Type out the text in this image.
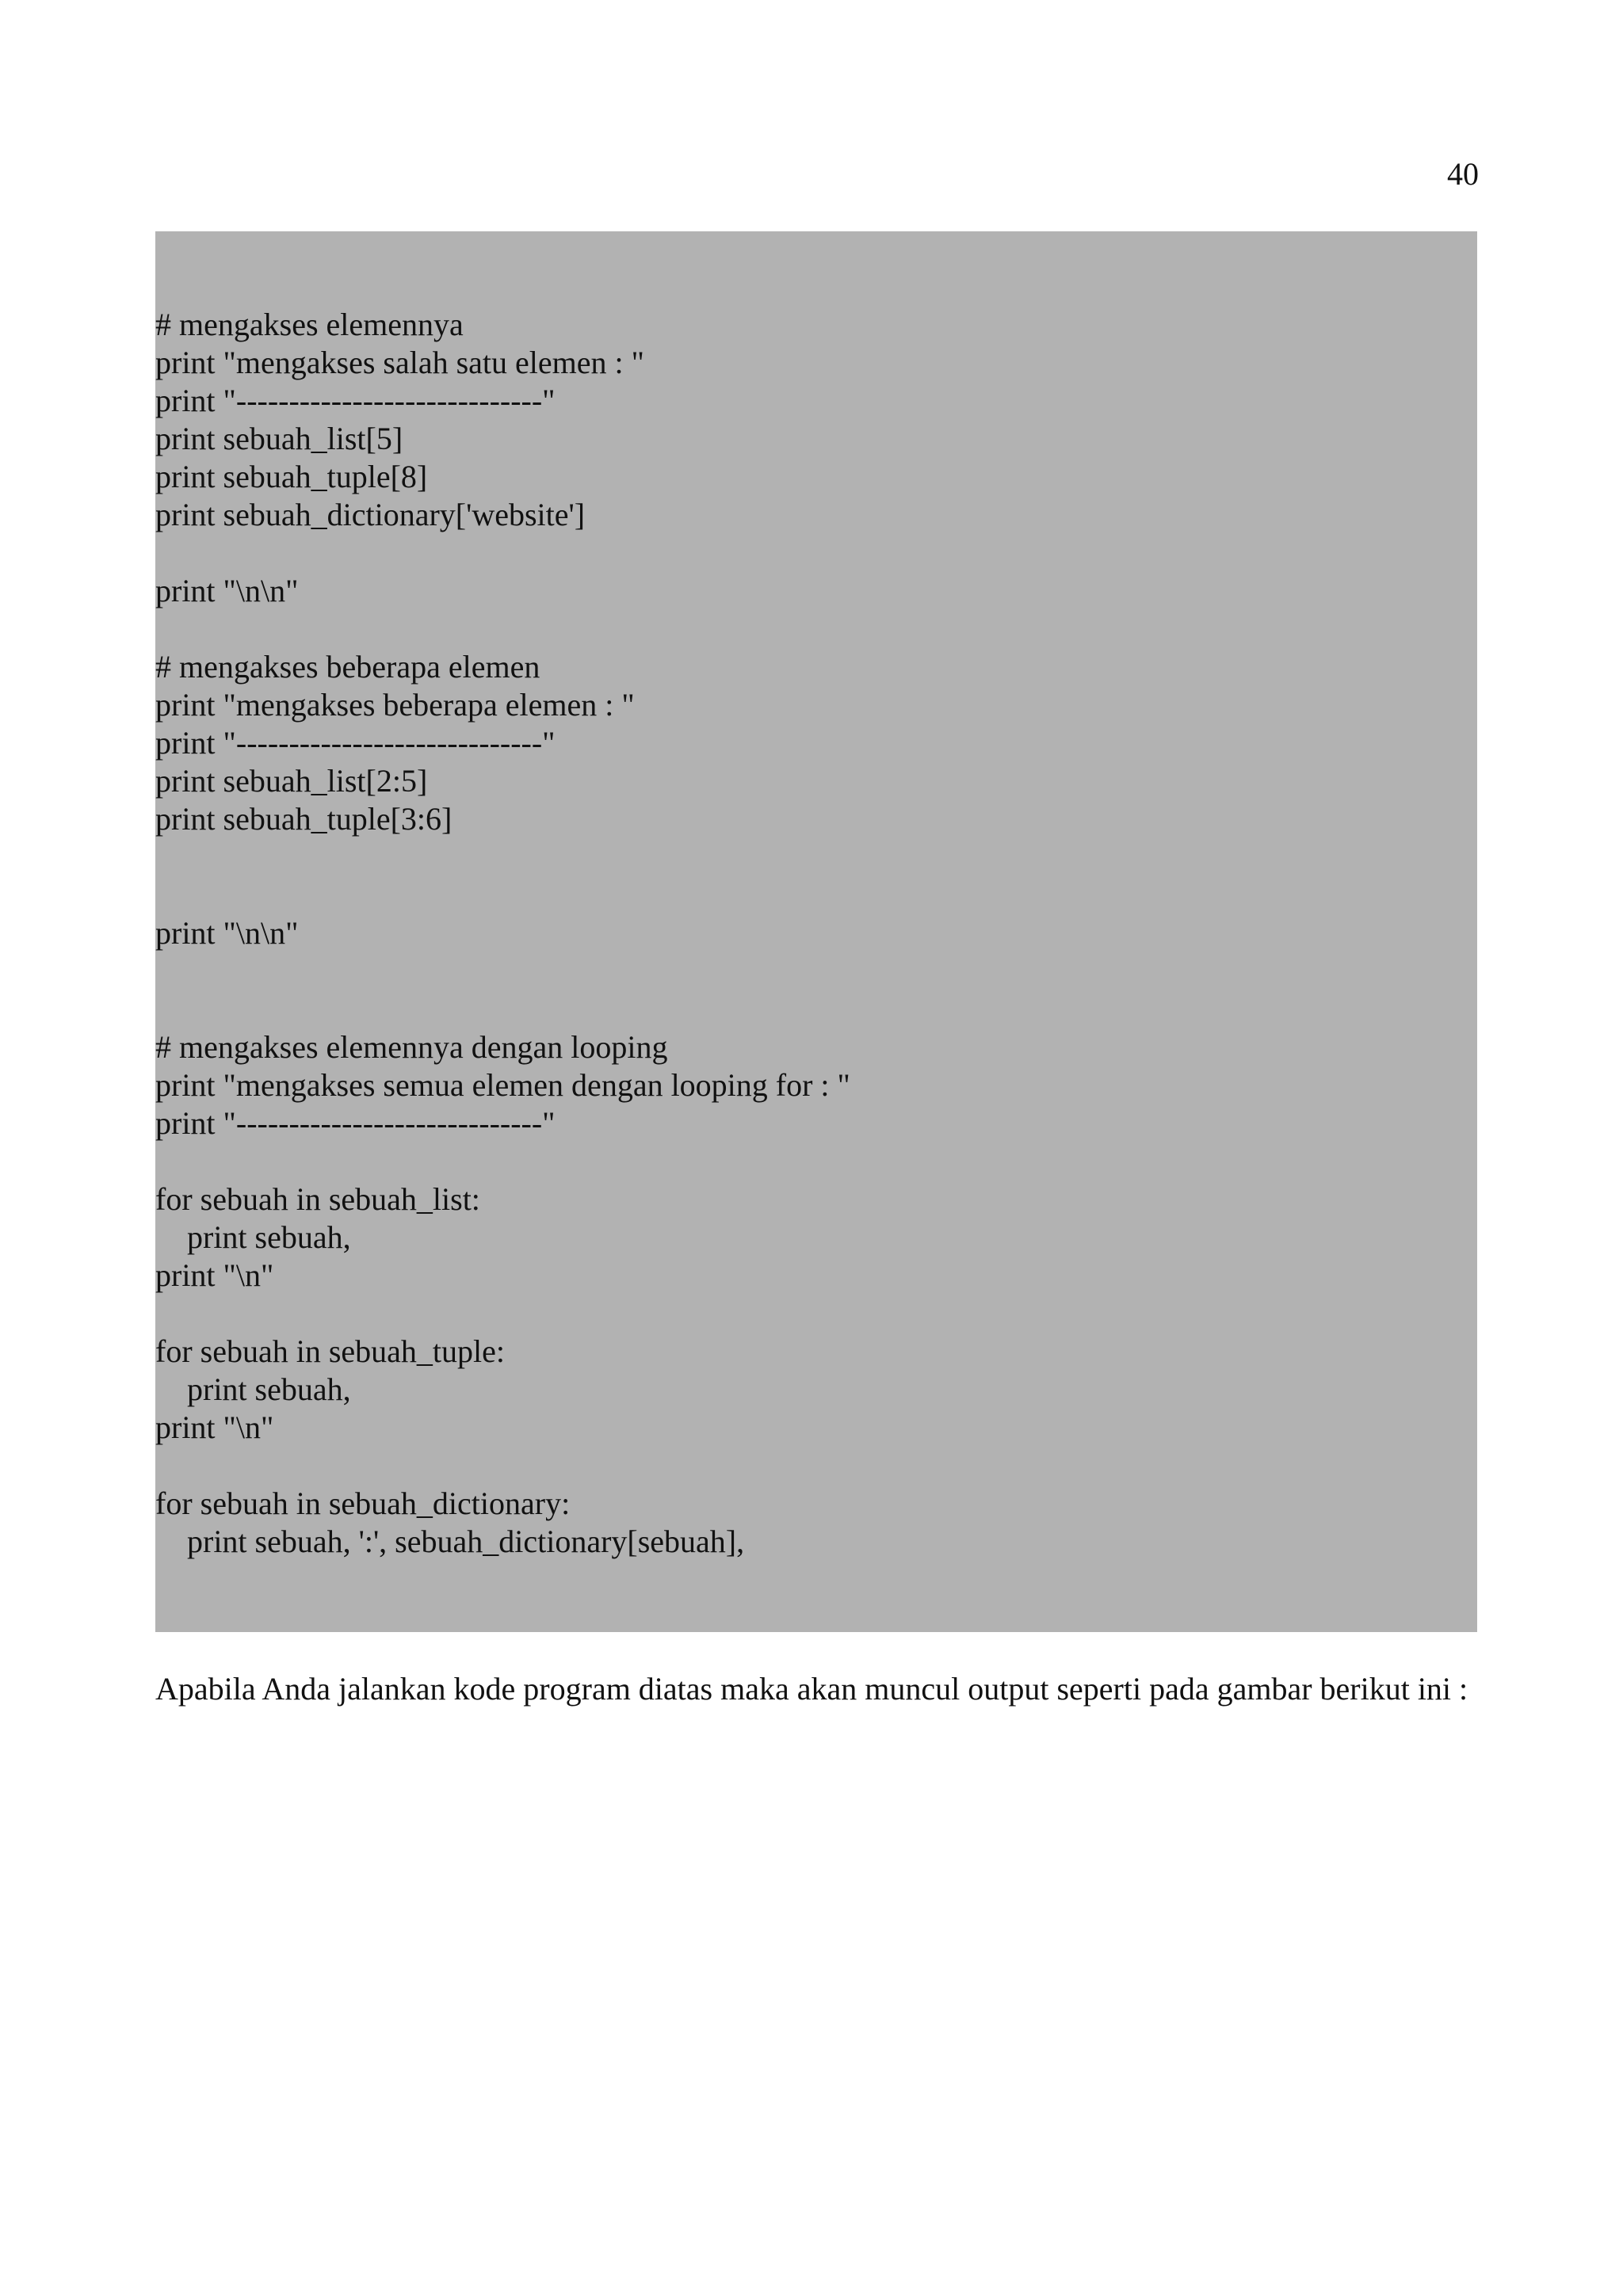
40
# mengakses elemennya
print "mengakses salah satu elemen : "
print "-----------------------------"
print sebuah_list[5]
print sebuah_tuple[8]
print sebuah_dictionary['website']
print "\n\n"
# mengakses beberapa elemen
print "mengakses beberapa elemen : "
print "-----------------------------"
print sebuah_list[2:5]
print sebuah_tuple[3:6]
print "\n\n"
# mengakses elemennya dengan looping
print "mengakses semua elemen dengan looping for : "
print "-----------------------------"
for sebuah in sebuah_list:
print sebuah,
print "\n"
for sebuah in sebuah_tuple:
print sebuah,
print "\n"
for sebuah in sebuah_dictionary:
print sebuah, ':', sebuah_dictionary[sebuah],

Apabila Anda jalankan kode program diatas maka akan muncul output seperti pada gambar berikut ini :
